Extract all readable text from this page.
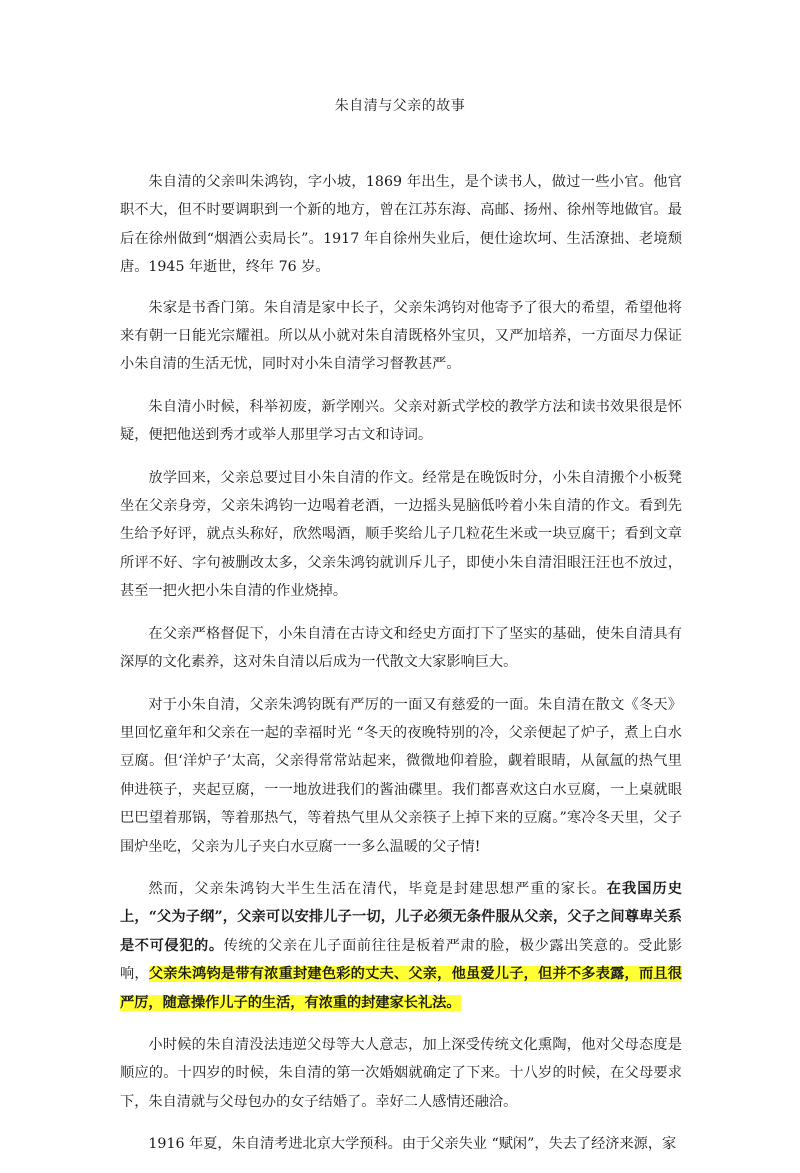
朱自清与父亲的故事

朱自清的父亲叫朱鸿钧，字小坡，1869 年出生，是个读书人，做过一些小官。他官职不大，但不时要调职到一个新的地方，曾在江苏东海、高邮、扬州、徐州等地做官。最后在徐州做到“烟酒公卖局长”。1917 年自徐州失业后，便仕途坎坷、生活潦拙、老境颓唐。1945 年逝世，终年 76 岁。

朱家是书香门第。朱自清是家中长子，父亲朱鸿钧对他寄予了很大的希望，希望他将来有朝一日能光宗耀祖。所以从小就对朱自清既格外宝贝，又严加培养，一方面尽力保证小朱自清的生活无忧，同时对小朱自清学习督教甚严。

朱自清小时候，科举初废，新学刚兴。父亲对新式学校的教学方法和读书效果很是怀疑，便把他送到秀才或举人那里学习古文和诗词。

放学回来，父亲总要过目小朱自清的作文。经常是在晚饭时分，小朱自清搬个小板凳坐在父亲身旁，父亲朱鸿钧一边喝着老酒，一边摇头晃脑低吟着小朱自清的作文。看到先生给予好评，就点头称好，欣然喝酒，顺手奖给儿子几粒花生米或一块豆腐干；看到文章所评不好、字句被删改太多，父亲朱鸿钧就训斥儿子，即使小朱自清泪眼汪汪也不放过，甚至一把火把小朱自清的作业烧掉。

在父亲严格督促下，小朱自清在古诗文和经史方面打下了坚实的基础，使朱自清具有深厚的文化素养，这对朱自清以后成为一代散文大家影响巨大。

对于小朱自清，父亲朱鸿钧既有严厉的一面又有慈爱的一面。朱自清在散文《冬天》里回忆童年和父亲在一起的幸福时光 “冬天的夜晚特别的冷，父亲便起了炉子，煮上白水豆腐。但‘洋炉子’太高，父亲得常常站起来，微微地仰着脸，觑着眼睛，从氤氲的热气里伸进筷子，夹起豆腐，一一地放进我们的酱油碟里。我们都喜欢这白水豆腐，一上桌就眼巴巴望着那锅，等着那热气，等着热气里从父亲筷子上掉下来的豆腐。”寒冷冬天里，父子围炉坐吃，父亲为儿子夹白水豆腐一一多么温暖的父子情!

然而，父亲朱鸿钧大半生生活在清代，毕竟是封建思想严重的家长。在我国历史上，“父为子纲”，父亲可以安排儿子一切，儿子必须无条件服从父亲，父子之间尊卑关系是不可侵犯的。传统的父亲在儿子面前往往是板着严肃的脸，极少露出笑意的。受此影响，父亲朱鸿钧是带有浓重封建色彩的丈夫、父亲，他虽爱儿子，但并不多表露，而且很严厉，随意操作儿子的生活，有浓重的封建家长礼法。

小时候的朱自清没法违逆父母等大人意志，加上深受传统文化熏陶，他对父母态度是顺应的。十四岁的时候，朱自清的第一次婚姻就确定了下来。十八岁的时候，在父母要求下，朱自清就与父母包办的女子结婚了。幸好二人感情还融洽。

1916 年夏，朱自清考进北京大学预科。由于父亲失业 “赋闲”，失去了经济来源，家
